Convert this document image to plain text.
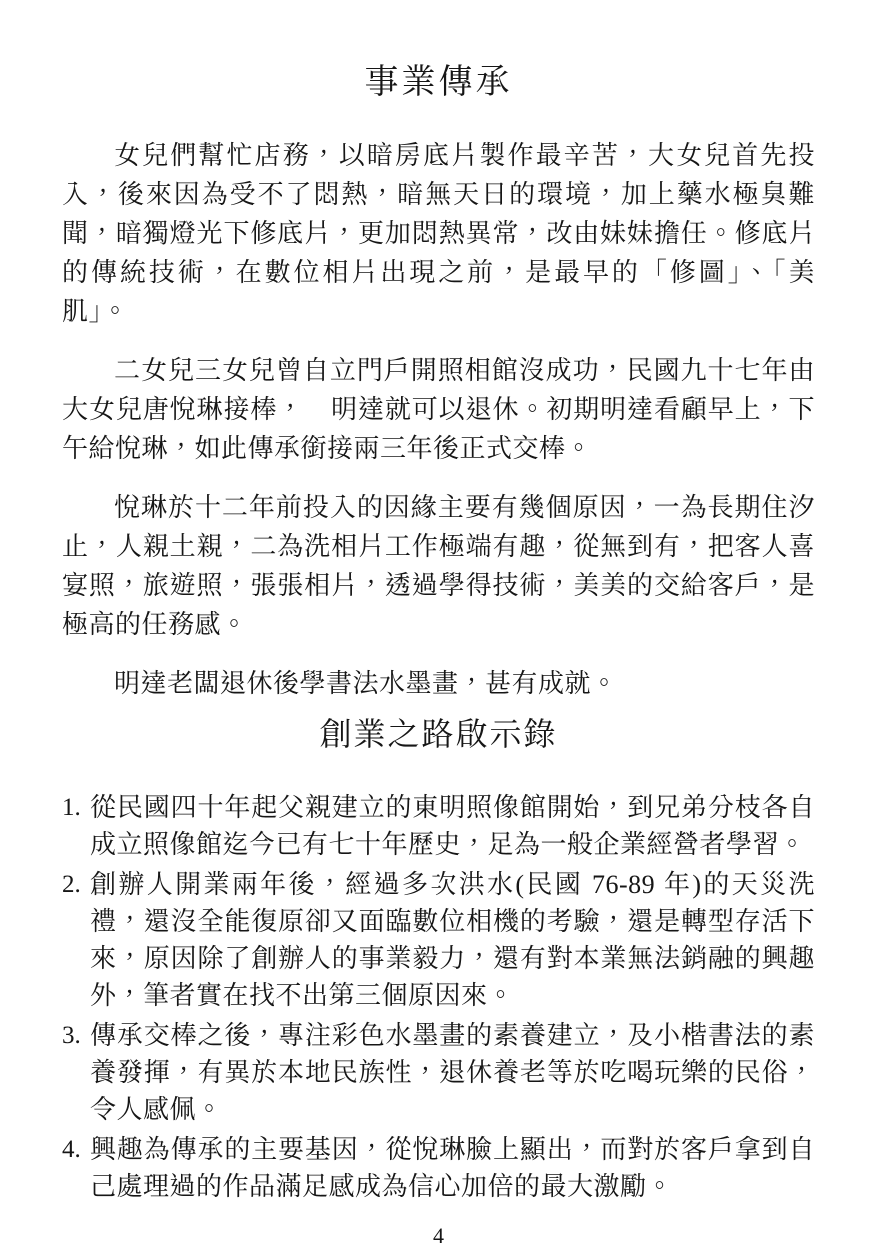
事業傳承

女兒們幫忙店務，以暗房底片製作最辛苦，大女兒首先投入，後來因為受不了悶熱，暗無天日的環境，加上藥水極臭難聞，暗獨燈光下修底片，更加悶熱異常，改由妹妹擔任。修底片的傳統技術，在數位相片出現之前，是最早的「修圖」、「美肌」。

二女兒三女兒曾自立門戶開照相館沒成功，民國九十七年由大女兒唐悅琳接棒，　明達就可以退休。初期明達看顧早上，下午給悅琳，如此傳承銜接兩三年後正式交棒。

悅琳於十二年前投入的因緣主要有幾個原因，一為長期住汐止，人親土親，二為洗相片工作極端有趣，從無到有，把客人喜宴照，旅遊照，張張相片，透過學得技術，美美的交給客戶，是極高的任務感。

明達老闆退休後學書法水墨畫，甚有成就。

創業之路啟示錄
1. 從民國四十年起父親建立的東明照像館開始，到兄弟分枝各自成立照像館迄今已有七十年歷史，足為一般企業經營者學習。
2. 創辦人開業兩年後，經過多次洪水(民國 76-89 年)的天災洗禮，還沒全能復原卻又面臨數位相機的考驗，還是轉型存活下來，原因除了創辦人的事業毅力，還有對本業無法銷融的興趣外，筆者實在找不出第三個原因來。
3. 傳承交棒之後，專注彩色水墨畫的素養建立，及小楷書法的素養發揮，有異於本地民族性，退休養老等於吃喝玩樂的民俗，令人感佩。
4. 興趣為傳承的主要基因，從悅琳臉上顯出，而對於客戶拿到自己處理過的作品滿足感成為信心加倍的最大激勵。
4
